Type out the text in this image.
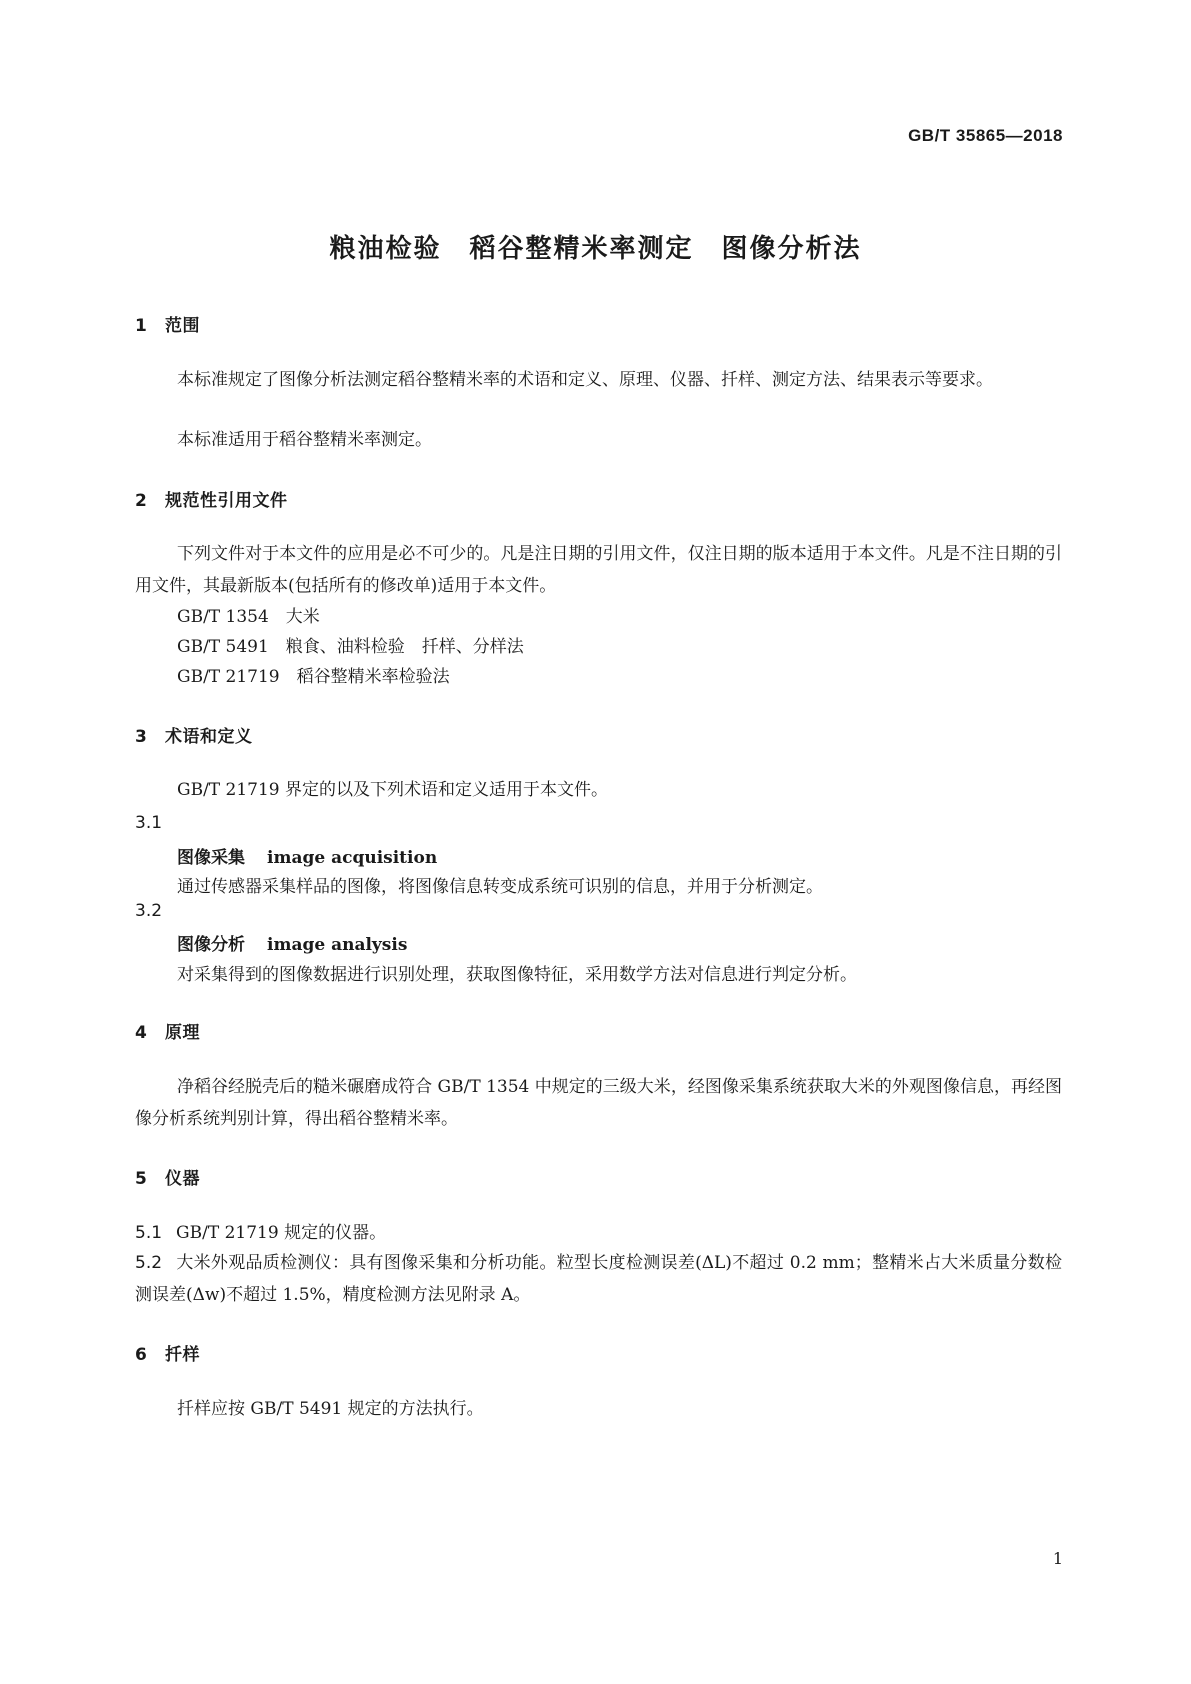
GB/T 35865—2018

粮油检验　稻谷整精米率测定　图像分析法
1 范围

本标准规定了图像分析法测定稻谷整精米率的术语和定义、原理、仪器、扦样、测定方法、结果表示等要求。

本标准适用于稻谷整精米率测定。

2 规范性引用文件

下列文件对于本文件的应用是必不可少的。凡是注日期的引用文件，仅注日期的版本适用于本文件。凡是不注日期的引用文件，其最新版本(包括所有的修改单)适用于本文件。

GB/T 1354　大米

GB/T 5491　粮食、油料检验　扦样、分样法

GB/T 21719　稻谷整精米率检验法

3 术语和定义

GB/T 21719 界定的以及下列术语和定义适用于本文件。

3.1

图像采集 image acquisition

通过传感器采集样品的图像，将图像信息转变成系统可识别的信息，并用于分析测定。

3.2

图像分析 image analysis

对采集得到的图像数据进行识别处理，获取图像特征，采用数学方法对信息进行判定分析。

4 原理

净稻谷经脱壳后的糙米碾磨成符合 GB/T 1354 中规定的三级大米，经图像采集系统获取大米的外观图像信息，再经图像分析系统判别计算，得出稻谷整精米率。

5 仪器

5.1 GB/T 21719 规定的仪器。

5.2 大米外观品质检测仪：具有图像采集和分析功能。粒型长度检测误差(ΔL)不超过 0.2 mm；整精米占大米质量分数检测误差(Δw)不超过 1.5%，精度检测方法见附录 A。

6 扦样

扦样应按 GB/T 5491 规定的方法执行。

1
